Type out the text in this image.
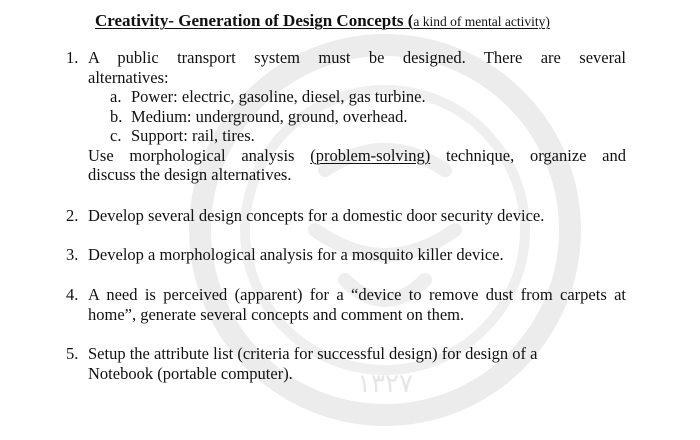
١٣٢٧
Creativity- Generation of Design Concepts (a kind of mental activity)
1. A public transport system must be designed. There are several
alternatives:
a. Power: electric, gasoline, diesel, gas turbine.
b. Medium: underground, ground, overhead.
c. Support: rail, tires.
Use morphological analysis (problem-solving) technique, organize and
discuss the design alternatives.
2. Develop several design concepts for a domestic door security device.
3. Develop a morphological analysis for a mosquito killer device.
4. A need is perceived (apparent) for a “device to remove dust from carpets at
home”, generate several concepts and comment on them.
5. Setup the attribute list (criteria for successful design) for design of a
Notebook (portable computer).
